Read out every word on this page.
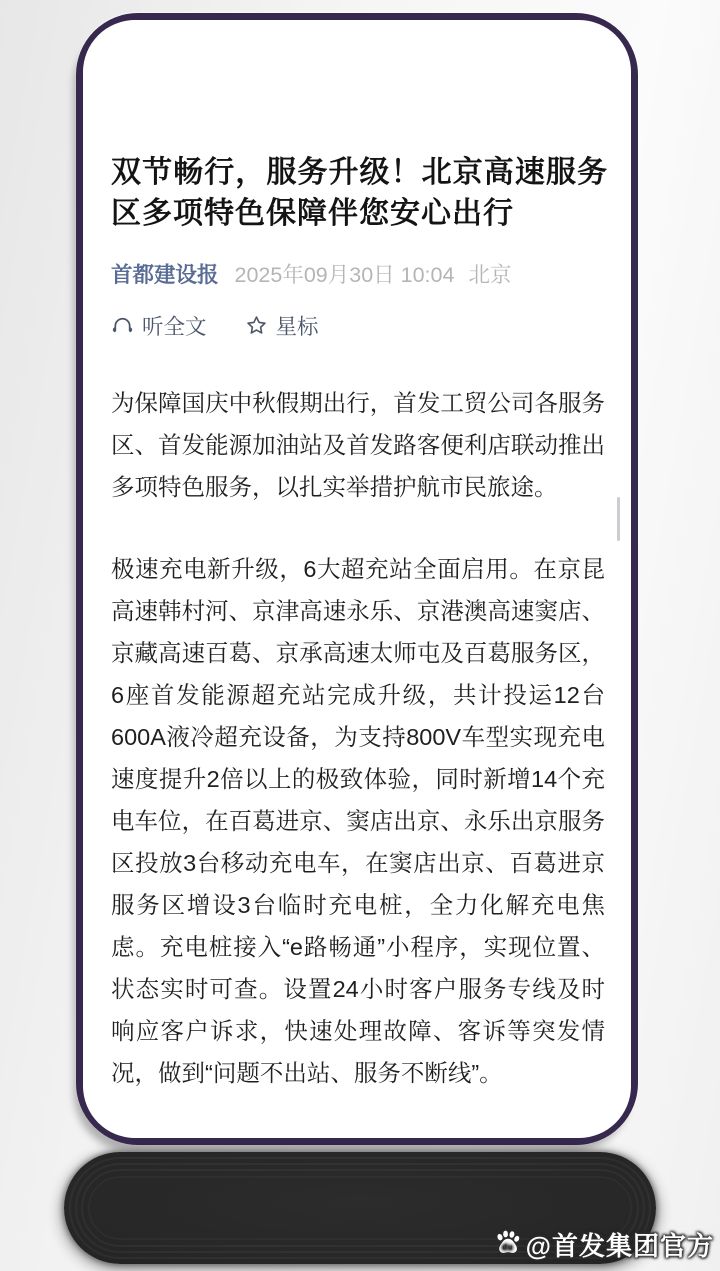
双节畅行，服务升级！北京高速服务区多项特色保障伴您安心出行
首都建设报 2025年09月30日 10:04 北京
听全文	星标

为保障国庆中秋假期出行，首发工贸公司各服务区、首发能源加油站及首发路客便利店联动推出多项特色服务，以扎实举措护航市民旅途。

极速充电新升级，6大超充站全面启用。在京昆高速韩村河、京津高速永乐、京港澳高速窦店、京藏高速百葛、京承高速太师屯及百葛服务区，6座首发能源超充站完成升级，共计投运12台600A液冷超充设备，为支持800V车型实现充电速度提升2倍以上的极致体验，同时新增14个充电车位，在百葛进京、窦店出京、永乐出京服务区投放3台移动充电车，在窦店出京、百葛进京服务区增设3台临时充电桩，全力化解充电焦虑。充电桩接入“e路畅通”小程序，实现位置、状态实时可查。设置24小时客户服务专线及时响应客户诉求，快速处理故障、客诉等突发情况，做到“问题不出站、服务不断线”。

du @首发集团官方
